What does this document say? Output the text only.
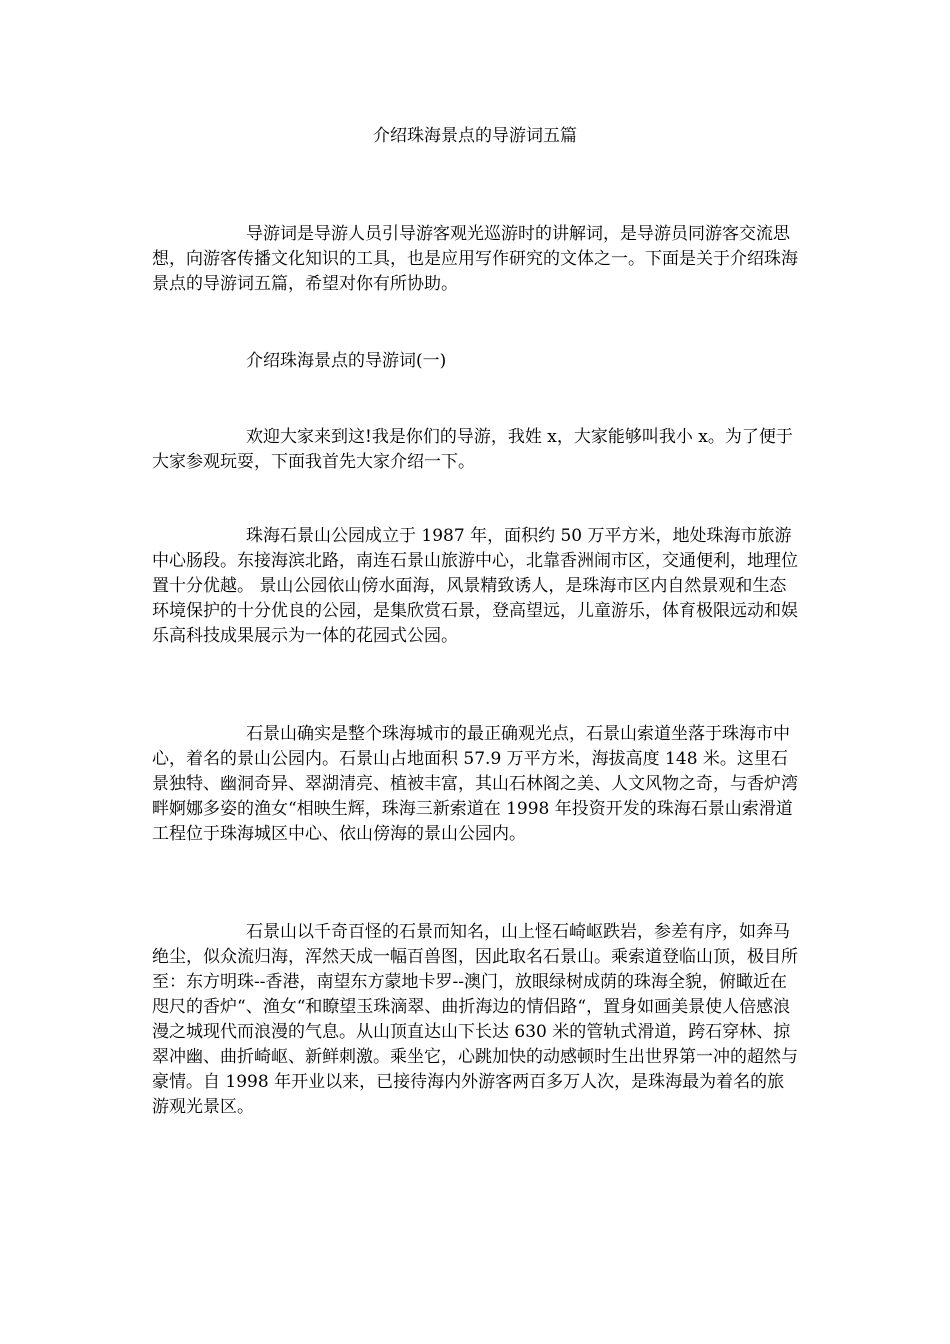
介绍珠海景点的导游词五篇

导游词是导游人员引导游客观光巡游时的讲解词，是导游员同游客交流思想，向游客传播文化知识的工具，也是应用写作研究的文体之一。下面是关于介绍珠海景点的导游词五篇，希望对你有所协助。

介绍珠海景点的导游词(一)

欢迎大家来到这!我是你们的导游，我姓 x，大家能够叫我小 x。为了便于大家参观玩耍，下面我首先大家介绍一下。

珠海石景山公园成立于 1987 年，面积约 50 万平方米，地处珠海市旅游中心肠段。东接海滨北路，南连石景山旅游中心，北靠香洲闹市区，交通便利，地理位置十分优越。 景山公园依山傍水面海，风景精致诱人，是珠海市区内自然景观和生态环境保护的十分优良的公园，是集欣赏石景，登高望远，儿童游乐，体育极限远动和娱乐高科技成果展示为一体的花园式公园。

石景山确实是整个珠海城市的最正确观光点，石景山索道坐落于珠海市中心，着名的景山公园内。石景山占地面积 57.9 万平方米，海拔高度 148 米。这里石景独特、幽洞奇异、翠湖清亮、植被丰富，其山石林阁之美、人文风物之奇，与香炉湾畔婀娜多姿的渔女“相映生辉，珠海三新索道在 1998 年投资开发的珠海石景山索滑道工程位于珠海城区中心、依山傍海的景山公园内。

石景山以千奇百怪的石景而知名，山上怪石崎岖跌岩，参差有序，如奔马绝尘，似众流归海，浑然天成一幅百兽图，因此取名石景山。乘索道登临山顶，极目所至：东方明珠--香港，南望东方蒙地卡罗--澳门，放眼绿树成荫的珠海全貌，俯瞰近在咫尺的香炉“、渔女“和瞭望玉珠滴翠、曲折海边的情侣路“，置身如画美景使人倍感浪漫之城现代而浪漫的气息。从山顶直达山下长达 630 米的管轨式滑道，跨石穿林、掠翠冲幽、曲折崎岖、新鲜刺激。乘坐它，心跳加快的动感顿时生出世界第一冲的超然与豪情。自 1998 年开业以来，已接待海内外游客两百多万人次，是珠海最为着名的旅游观光景区。
